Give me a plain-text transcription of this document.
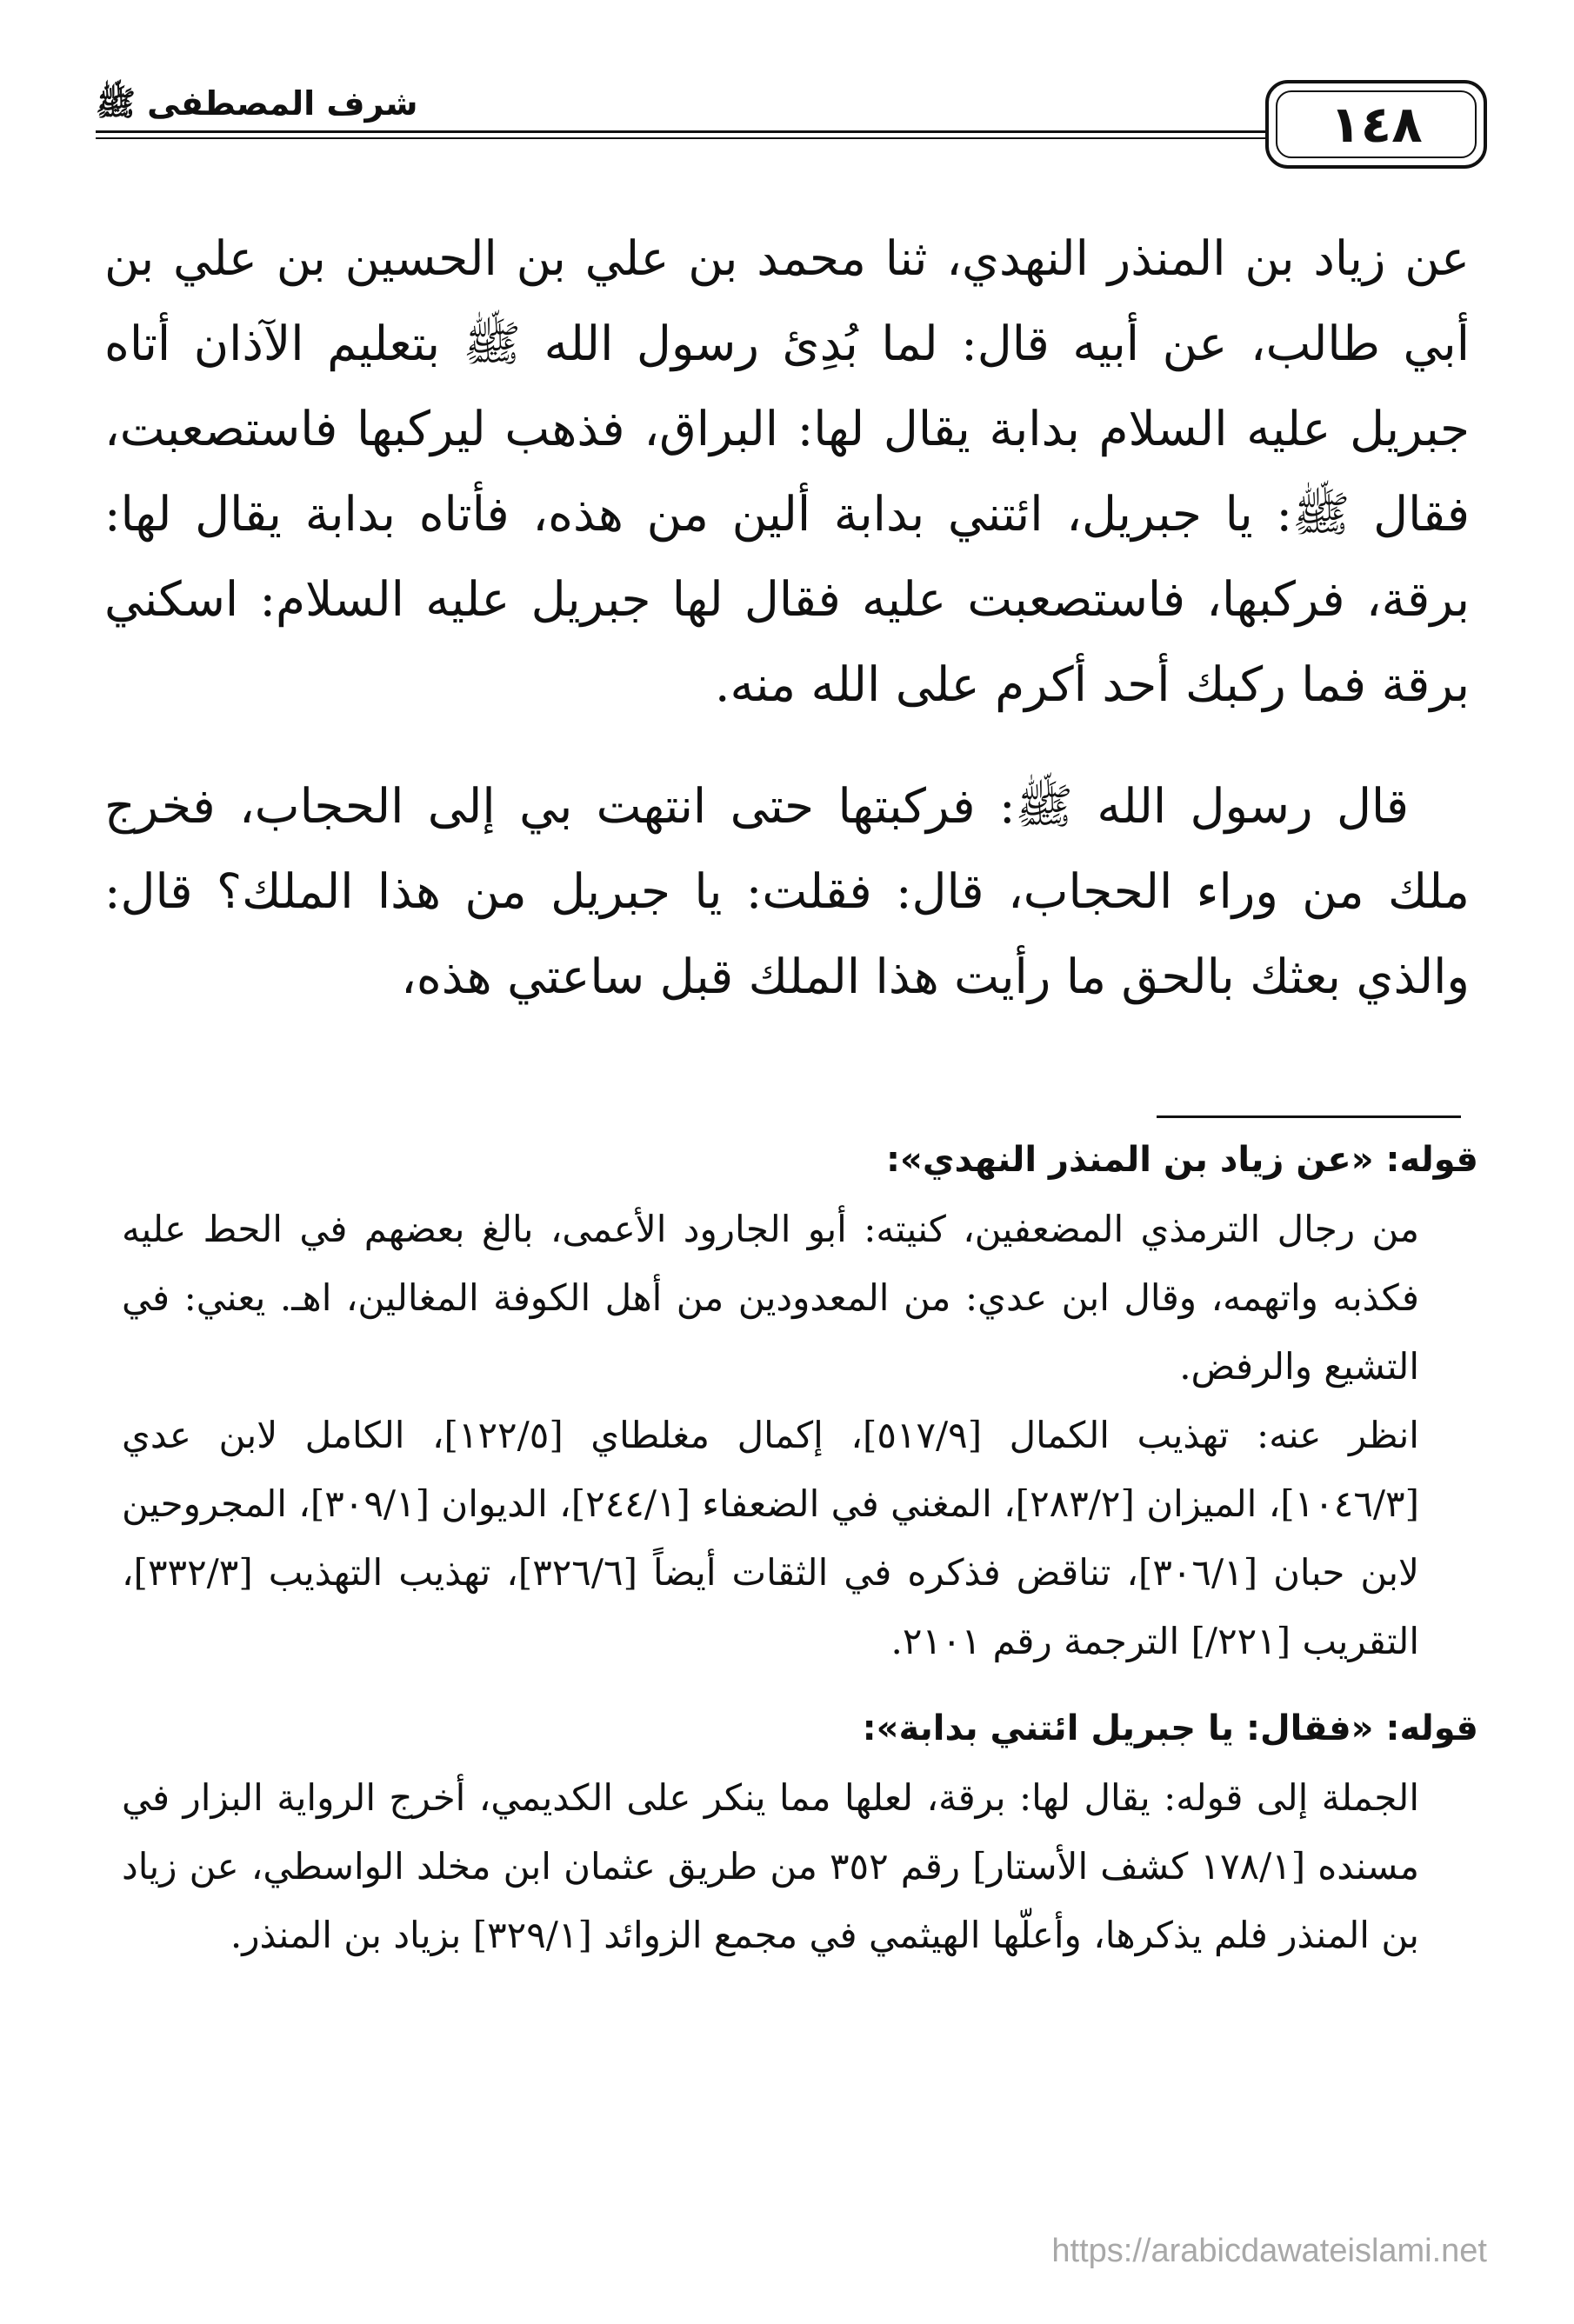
شرف المصطفى ﷺ	١٤٨

عن زياد بن المنذر النهدي، ثنا محمد بن علي بن الحسين بن علي بن أبي طالب، عن أبيه قال: لما بُدِئ رسول الله ﷺ بتعليم الآذان أتاه جبريل عليه السلام بدابة يقال لها: البراق، فذهب ليركبها فاستصعبت، فقال ﷺ: يا جبريل، ائتني بدابة ألين من هذه، فأتاه بدابة يقال لها: برقة، فركبها، فاستصعبت عليه فقال لها جبريل عليه السلام: اسكني برقة فما ركبك أحد أكرم على الله منه.

قال رسول الله ﷺ: فركبتها حتى انتهت بي إلى الحجاب، فخرج ملك من وراء الحجاب، قال: فقلت: يا جبريل من هذا الملك؟ قال: والذي بعثك بالحق ما رأيت هذا الملك قبل ساعتي هذه،

قوله: «عن زياد بن المنذر النهدي»:

من رجال الترمذي المضعفين، كنيته: أبو الجارود الأعمى، بالغ بعضهم في الحط عليه فكذبه واتهمه، وقال ابن عدي: من المعدودين من أهل الكوفة المغالين، اهـ. يعني: في التشيع والرفض.

انظر عنه: تهذيب الكمال [٥١٧/٩]، إكمال مغلطاي [١٢٢/٥]، الكامل لابن عدي [١٠٤٦/٣]، الميزان [٢٨٣/٢]، المغني في الضعفاء [٢٤٤/١]، الديوان [٣٠٩/١]، المجروحين لابن حبان [٣٠٦/١]، تناقض فذكره في الثقات أيضاً [٣٢٦/٦]، تهذيب التهذيب [٣٣٢/٣]، التقريب [٢٢١/] الترجمة رقم ٢١٠١.

قوله: «فقال: يا جبريل ائتني بدابة»:

الجملة إلى قوله: يقال لها: برقة، لعلها مما ينكر على الكديمي، أخرج الرواية البزار في مسنده [١٧٨/١ كشف الأستار] رقم ٣٥٢ من طريق عثمان ابن مخلد الواسطي، عن زياد بن المنذر فلم يذكرها، وأعلّها الهيثمي في مجمع الزوائد [٣٢٩/١] بزياد بن المنذر.

https://arabicdawateislami.net
